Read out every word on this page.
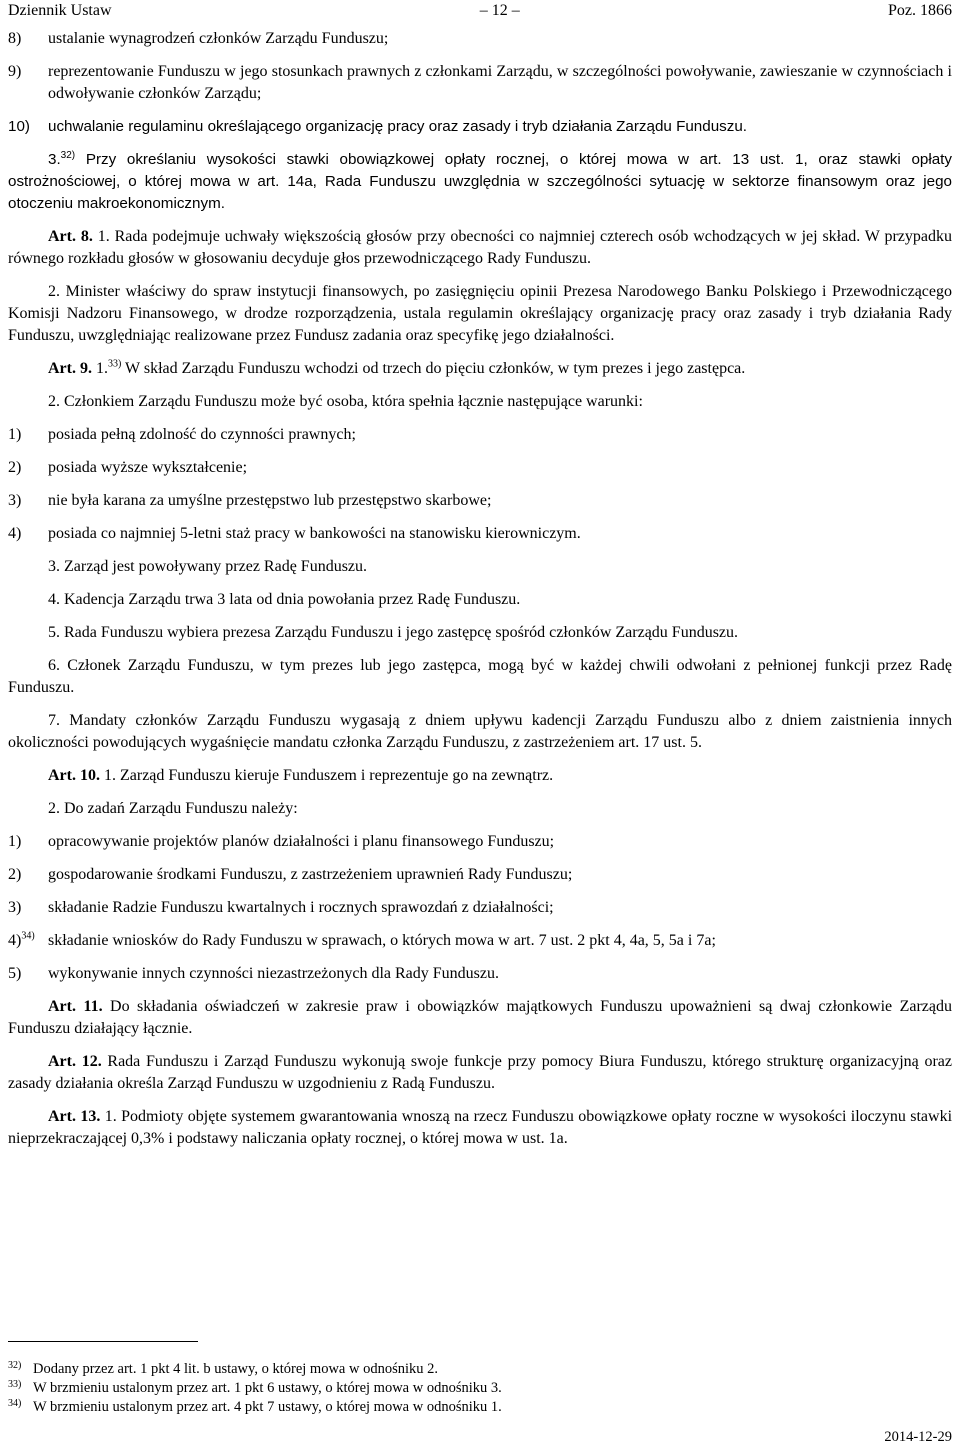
Dziennik Ustaw	– 12 –	Poz. 1866
8)	ustalanie wynagrodzeń członków Zarządu Funduszu;
9)	reprezentowanie Funduszu w jego stosunkach prawnych z członkami Zarządu, w szczególności powoływanie, zawieszanie w czynnościach i odwoływanie członków Zarządu;
10)	uchwalanie regulaminu określającego organizację pracy oraz zasady i tryb działania Zarządu Funduszu.

3.$^{32)}$ Przy określaniu wysokości stawki obowiązkowej opłaty rocznej, o której mowa w art. 13 ust. 1, oraz stawki opłaty ostrożnościowej, o której mowa w art. 14a, Rada Funduszu uwzględnia w szczególności sytuację w sektorze finansowym oraz jego otoczeniu makroekonomicznym.

Art. 8. 1. Rada podejmuje uchwały większością głosów przy obecności co najmniej czterech osób wchodzących w jej skład. W przypadku równego rozkładu głosów w głosowaniu decyduje głos przewodniczącego Rady Funduszu.

2. Minister właściwy do spraw instytucji finansowych, po zasięgnięciu opinii Prezesa Narodowego Banku Polskiego i Przewodniczącego Komisji Nadzoru Finansowego, w drodze rozporządzenia, ustala regulamin określający organizację pracy oraz zasady i tryb działania Rady Funduszu, uwzględniając realizowane przez Fundusz zadania oraz specyfikę jego działalności.

Art. 9. 1.$^{33)}$ W skład Zarządu Funduszu wchodzi od trzech do pięciu członków, w tym prezes i jego zastępca.

2. Członkiem Zarządu Funduszu może być osoba, która spełnia łącznie następujące warunki:

1)	posiada pełną zdolność do czynności prawnych;
2)	posiada wyższe wykształcenie;
3)	nie była karana za umyślne przestępstwo lub przestępstwo skarbowe;
4)	posiada co najmniej 5-letni staż pracy w bankowości na stanowisku kierowniczym.

3. Zarząd jest powoływany przez Radę Funduszu.

4. Kadencja Zarządu trwa 3 lata od dnia powołania przez Radę Funduszu.

5. Rada Funduszu wybiera prezesa Zarządu Funduszu i jego zastępcę spośród członków Zarządu Funduszu.

6. Członek Zarządu Funduszu, w tym prezes lub jego zastępca, mogą być w każdej chwili odwołani z pełnionej funkcji przez Radę Funduszu.

7. Mandaty członków Zarządu Funduszu wygasają z dniem upływu kadencji Zarządu Funduszu albo z dniem zaistnienia innych okoliczności powodujących wygaśnięcie mandatu członka Zarządu Funduszu, z zastrzeżeniem art. 17 ust. 5.

Art. 10. 1. Zarząd Funduszu kieruje Funduszem i reprezentuje go na zewnątrz.

2. Do zadań Zarządu Funduszu należy:

1)	opracowywanie projektów planów działalności i planu finansowego Funduszu;
2)	gospodarowanie środkami Funduszu, z zastrzeżeniem uprawnień Rady Funduszu;
3)	składanie Radzie Funduszu kwartalnych i rocznych sprawozdań z działalności;
4)$^{34)}$ składanie wniosków do Rady Funduszu w sprawach, o których mowa w art. 7 ust. 2 pkt 4, 4a, 5, 5a i 7a;
5)	wykonywanie innych czynności niezastrzeżonych dla Rady Funduszu.

Art. 11. Do składania oświadczeń w zakresie praw i obowiązków majątkowych Funduszu upoważnieni są dwaj członkowie Zarządu Funduszu działający łącznie.

Art. 12. Rada Funduszu i Zarząd Funduszu wykonują swoje funkcje przy pomocy Biura Funduszu, którego strukturę organizacyjną oraz zasady działania określa Zarząd Funduszu w uzgodnieniu z Radą Funduszu.

Art. 13. 1. Podmioty objęte systemem gwarantowania wnoszą na rzecz Funduszu obowiązkowe opłaty roczne w wysokości iloczynu stawki nieprzekraczającej 0,3% i podstawy naliczania opłaty rocznej, o której mowa w ust. 1a.

32) Dodany przez art. 1 pkt 4 lit. b ustawy, o której mowa w odnośniku 2.
33) W brzmieniu ustalonym przez art. 1 pkt 6 ustawy, o której mowa w odnośniku 3.
34) W brzmieniu ustalonym przez art. 4 pkt 7 ustawy, o której mowa w odnośniku 1.
2014-12-29
